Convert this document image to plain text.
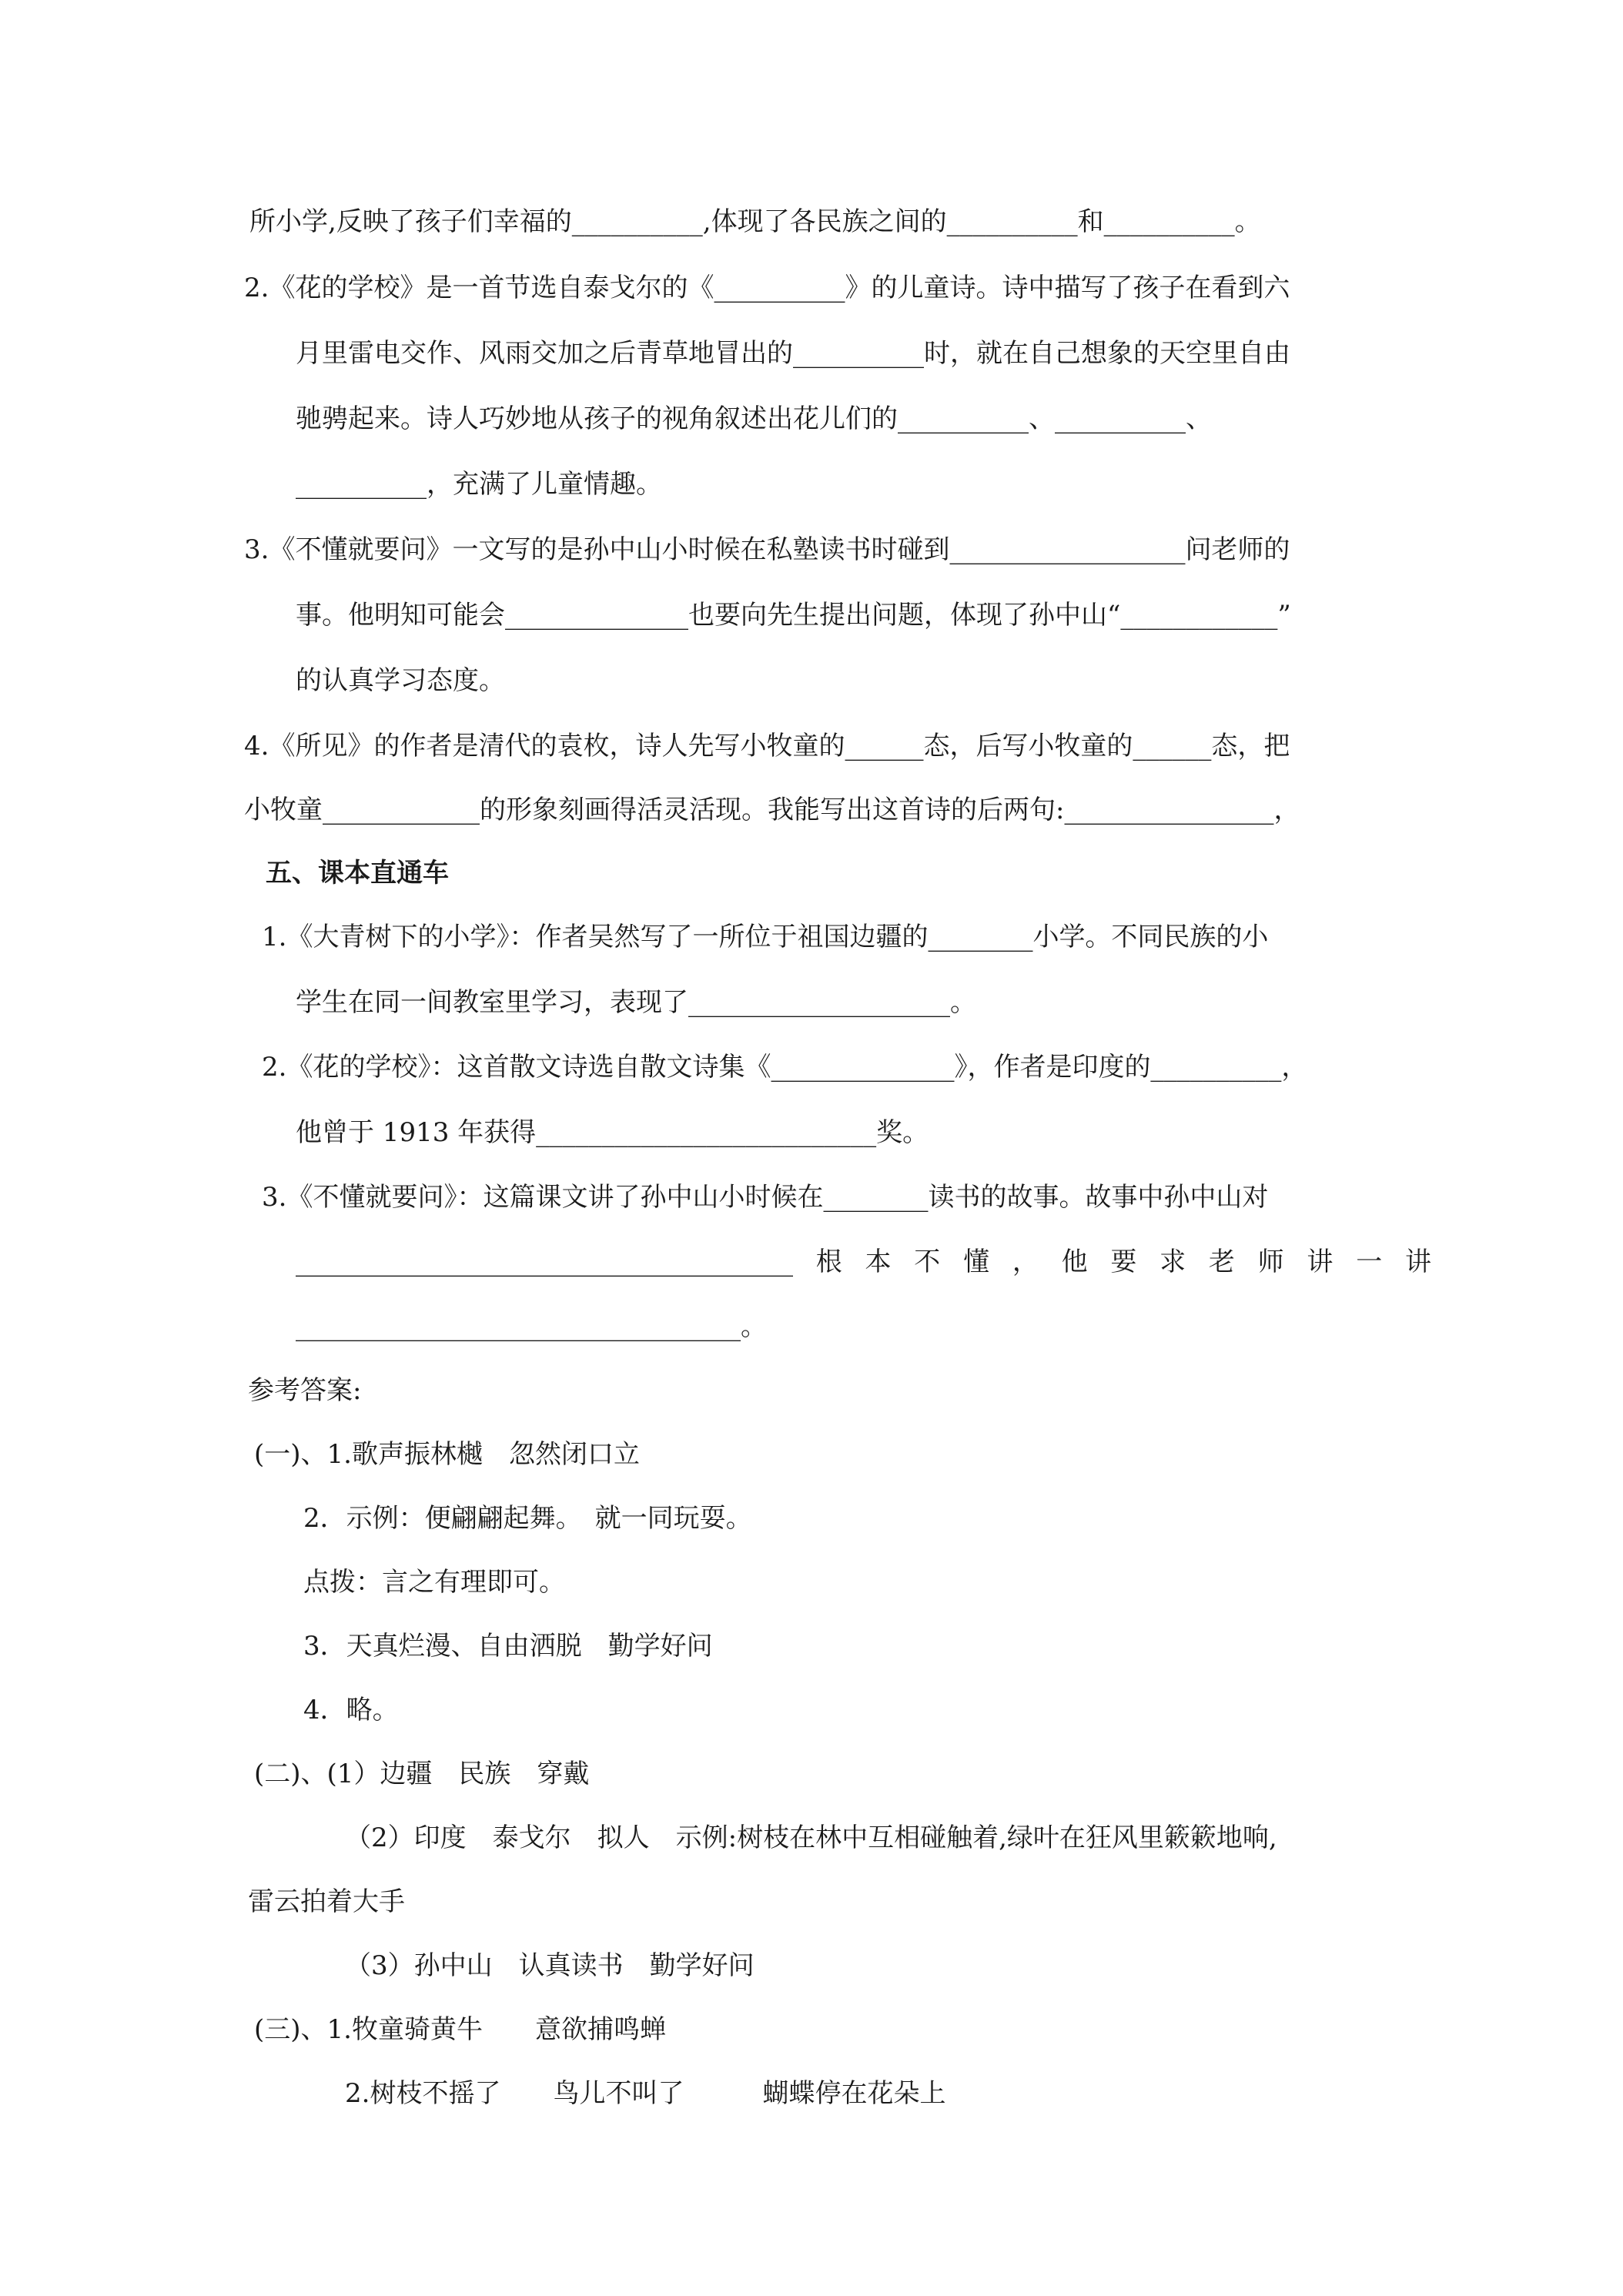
所小学,反映了孩子们幸福的__________,体现了各民族之间的__________和__________。
2.《花的学校》是一首节选自泰戈尔的《__________》的儿童诗。诗中描写了孩子在看到六
月里雷电交作、风雨交加之后青草地冒出的__________时，就在自己想象的天空里自由
驰骋起来。诗人巧妙地从孩子的视角叙述出花儿们的__________、__________、
__________，充满了儿童情趣。
3.《不懂就要问》一文写的是孙中山小时候在私塾读书时碰到__________________问老师的
事。他明知可能会______________也要向先生提出问题，体现了孙中山“____________”
的认真学习态度。
4.《所见》的作者是清代的袁枚，诗人先写小牧童的______态，后写小牧童的______态，把
小牧童____________的形象刻画得活灵活现。我能写出这首诗的后两句:________________，
五、课本直通车
1.《大青树下的小学》：作者吴然写了一所位于祖国边疆的________小学。不同民族的小
学生在同一间教室里学习，表现了____________________。
2.《花的学校》：这首散文诗选自散文诗集《______________》，作者是印度的__________，
他曾于 1913 年获得__________________________奖。
3.《不懂就要问》：这篇课文讲了孙中山小时候在________读书的故事。故事中孙中山对
______________________________________ 根 本 不 懂 ， 他 要 求 老 师 讲 一 讲
__________________________________。
参考答案:
(一)、1.歌声振林樾　忽然闭口立
2．示例：便翩翩起舞。　就一同玩耍。
点拨：言之有理即可。
3．天真烂漫、自由洒脱　勤学好问
4．略。
(二)、(1）边疆　民族　穿戴
（2）印度　泰戈尔　拟人　示例:树枝在林中互相碰触着,绿叶在狂风里簌簌地响,
雷云拍着大手
（3）孙中山　认真读书　勤学好问
(三)、1.牧童骑黄牛　　意欲捕鸣蝉
2.树枝不摇了　　鸟儿不叫了　　　蝴蝶停在花朵上
